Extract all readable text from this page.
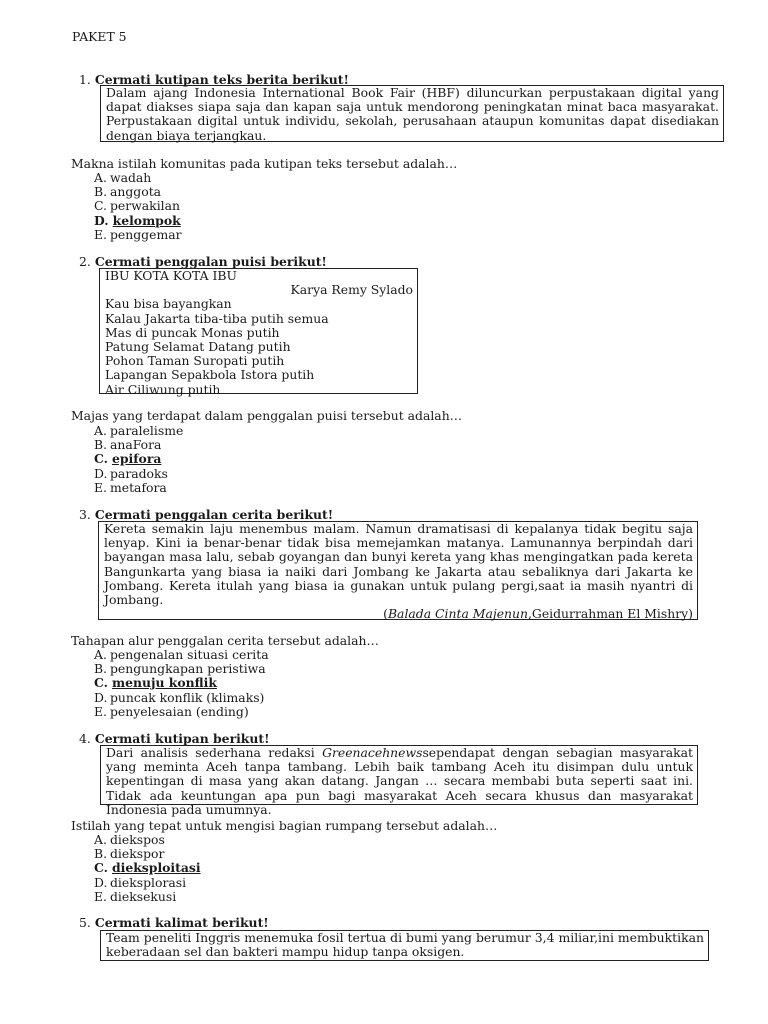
PAKET 5
1. Cermati kutipan teks berita berikut!
Dalam ajang Indonesia International Book Fair (HBF) diluncurkan perpustakaan digital yang dapat diakses siapa saja dan kapan saja untuk mendorong peningkatan minat baca masyarakat. Perpustakaan digital untuk individu, sekolah, perusahaan ataupun komunitas dapat disediakan dengan biaya terjangkau.
Makna istilah komunitas pada kutipan teks tersebut adalah…
A. wadah
B. anggota
C. perwakilan
D. kelompok
E. penggemar
2. Cermati penggalan puisi berikut!
IBU KOTA KOTA IBU
Karya Remy Sylado
Kau bisa bayangkan
Kalau Jakarta tiba-tiba putih semua
Mas di puncak Monas putih
Patung Selamat Datang putih
Pohon Taman Suropati putih
Lapangan Sepakbola Istora putih
Air Ciliwung putih
Majas yang terdapat dalam penggalan puisi tersebut adalah…
A. paralelisme
B. anaFora
C. epifora
D. paradoks
E. metafora
3. Cermati penggalan cerita berikut!
Kereta semakin laju menembus malam. Namun dramatisasi di kepalanya tidak begitu saja lenyap. Kini ia benar-benar tidak bisa memejamkan matanya. Lamunannya berpindah dari bayangan masa lalu, sebab goyangan dan bunyi kereta yang khas mengingatkan pada kereta Bangunkarta yang biasa ia naiki dari Jombang ke Jakarta atau sebaliknya dari Jakarta ke Jombang. Kereta itulah yang biasa ia gunakan untuk pulang pergi,saat ia masih nyantri di Jombang.
(Balada Cinta Majenun,Geidurrahman El Mishry)
Tahapan alur penggalan cerita tersebut adalah…
A. pengenalan situasi cerita
B. pengungkapan peristiwa
C. menuju konflik
D. puncak konflik (klimaks)
E. penyelesaian (ending)
4. Cermati kutipan berikut!
Dari analisis sederhana redaksi Greenacehnewssependapat dengan sebagian masyarakat yang meminta Aceh tanpa tambang. Lebih baik tambang Aceh itu disimpan dulu untuk kepentingan di masa yang akan datang. Jangan … secara membabi buta seperti saat ini. Tidak ada keuntungan apa pun bagi masyarakat Aceh secara khusus dan masyarakat Indonesia pada umumnya.
Istilah yang tepat untuk mengisi bagian rumpang tersebut adalah…
A. diekspos
B. diekspor
C. dieksploitasi
D. dieksplorasi
E. dieksekusi
5. Cermati kalimat berikut!
Team peneliti Inggris menemuka fosil tertua di bumi yang berumur 3,4 miliar,ini membuktikan keberadaan sel dan bakteri mampu hidup tanpa oksigen.
